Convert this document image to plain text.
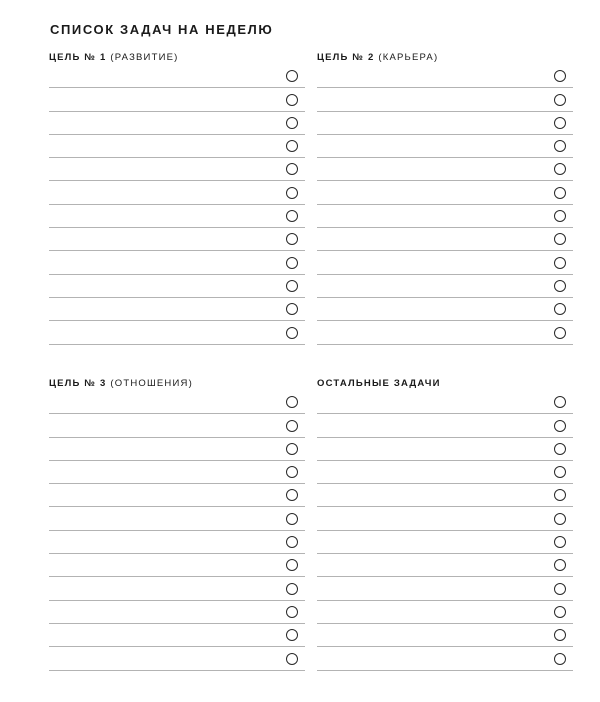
СПИСОК ЗАДАЧ НА НЕДЕЛЮ
ЦЕЛЬ № 1 (РАЗВИТИЕ)	ЦЕЛЬ № 2 (КАРЬЕРА)
ЦЕЛЬ № 3 (ОТНОШЕНИЯ)	ОСТАЛЬНЫЕ ЗАДАЧИ
